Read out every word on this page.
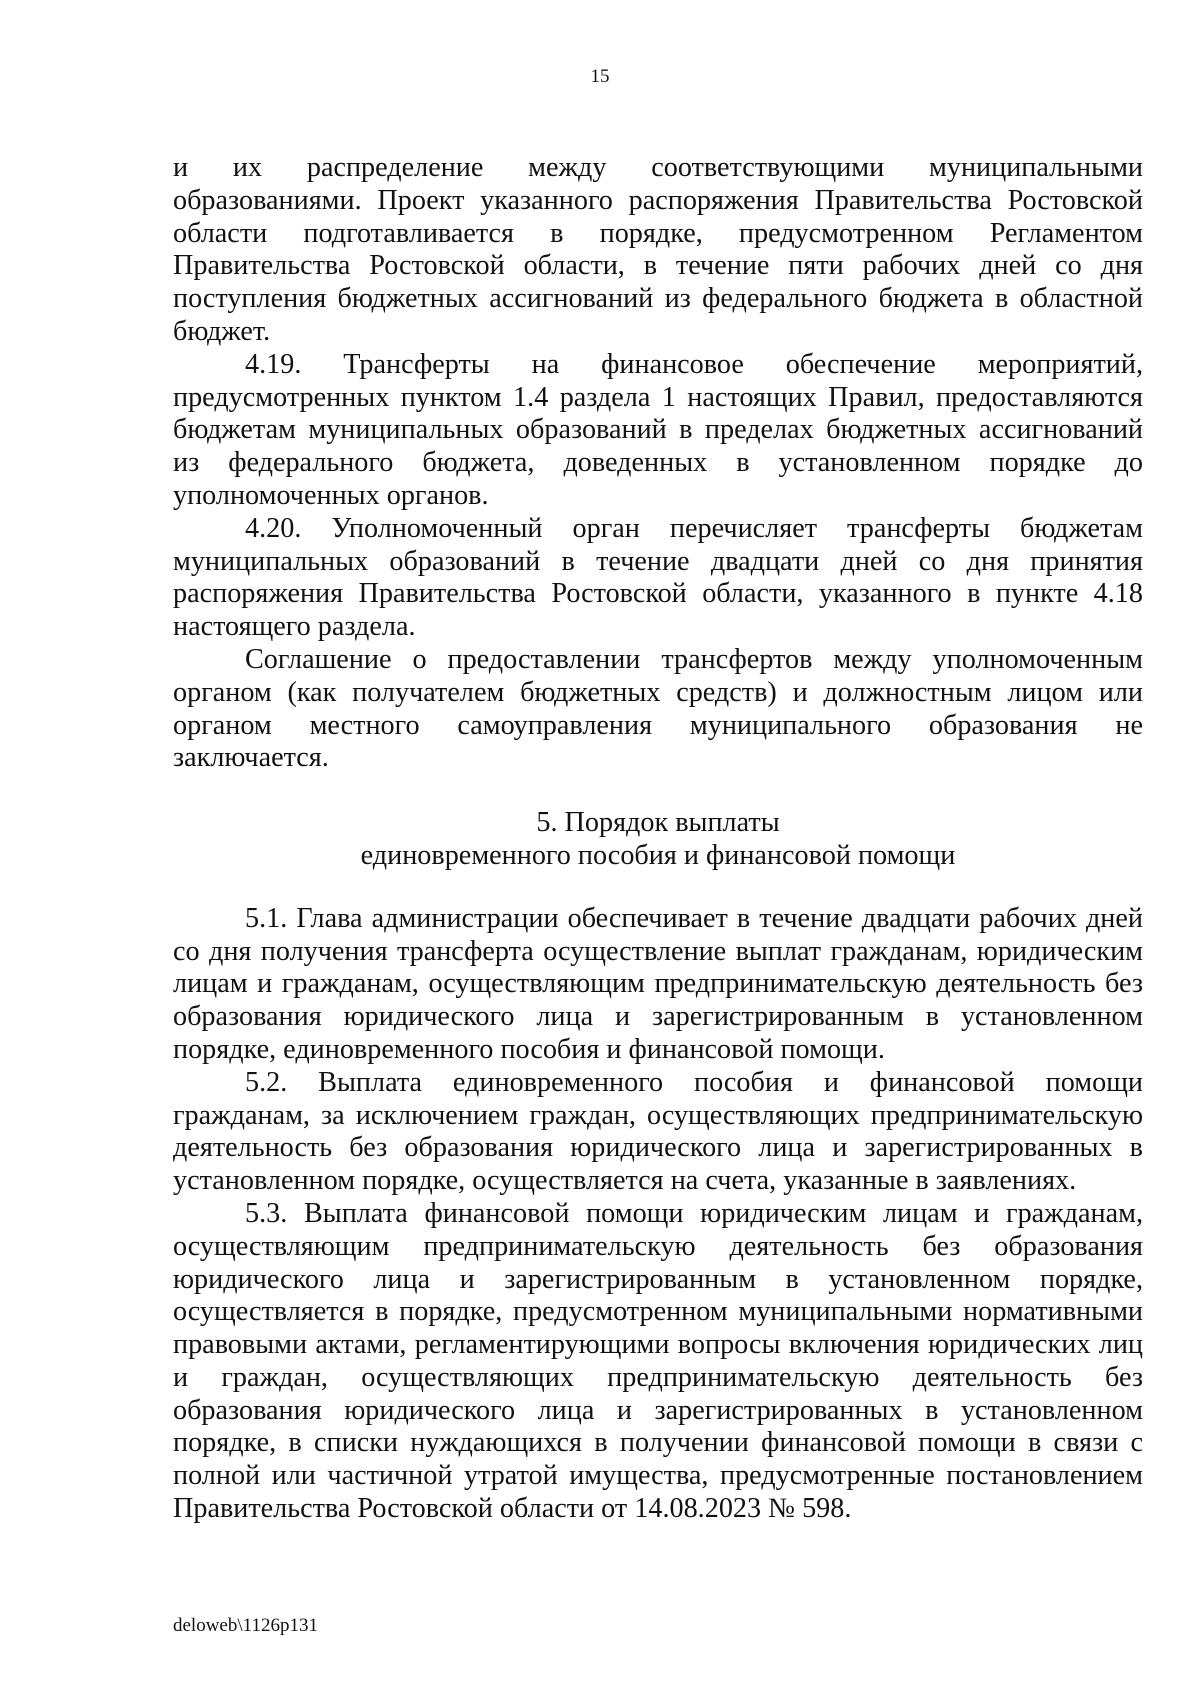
15

и их распределение между соответствующими муниципальными образованиями. Проект указанного распоряжения Правительства Ростовской области подготавливается в порядке, предусмотренном Регламентом Правительства Ростовской области, в течение пяти рабочих дней со дня поступления бюджетных ассигнований из федерального бюджета в областной бюджет.

4.19. Трансферты на финансовое обеспечение мероприятий, предусмотренных пунктом 1.4 раздела 1 настоящих Правил, предоставляются бюджетам муниципальных образований в пределах бюджетных ассигнований из федерального бюджета, доведенных в установленном порядке до уполномоченных органов.

4.20. Уполномоченный орган перечисляет трансферты бюджетам муниципальных образований в течение двадцати дней со дня принятия распоряжения Правительства Ростовской области, указанного в пункте 4.18 настоящего раздела.

Соглашение о предоставлении трансфертов между уполномоченным органом (как получателем бюджетных средств) и должностным лицом или органом местного самоуправления муниципального образования не заключается.

5. Порядок выплаты
единовременного пособия и финансовой помощи

5.1. Глава администрации обеспечивает в течение двадцати рабочих дней со дня получения трансферта осуществление выплат гражданам, юридическим лицам и гражданам, осуществляющим предпринимательскую деятельность без образования юридического лица и зарегистрированным в установленном порядке, единовременного пособия и финансовой помощи.

5.2. Выплата единовременного пособия и финансовой помощи гражданам, за исключением граждан, осуществляющих предпринимательскую деятельность без образования юридического лица и зарегистрированных в установленном порядке, осуществляется на счета, указанные в заявлениях.

5.3. Выплата финансовой помощи юридическим лицам и гражданам, осуществляющим предпринимательскую деятельность без образования юридического лица и зарегистрированным в установленном порядке, осуществляется в порядке, предусмотренном муниципальными нормативными правовыми актами, регламентирующими вопросы включения юридических лиц и граждан, осуществляющих предпринимательскую деятельность без образования юридического лица и зарегистрированных в установленном порядке, в списки нуждающихся в получении финансовой помощи в связи с полной или частичной утратой имущества, предусмотренные постановлением Правительства Ростовской области от 14.08.2023 № 598.

deloweb\1126p131
